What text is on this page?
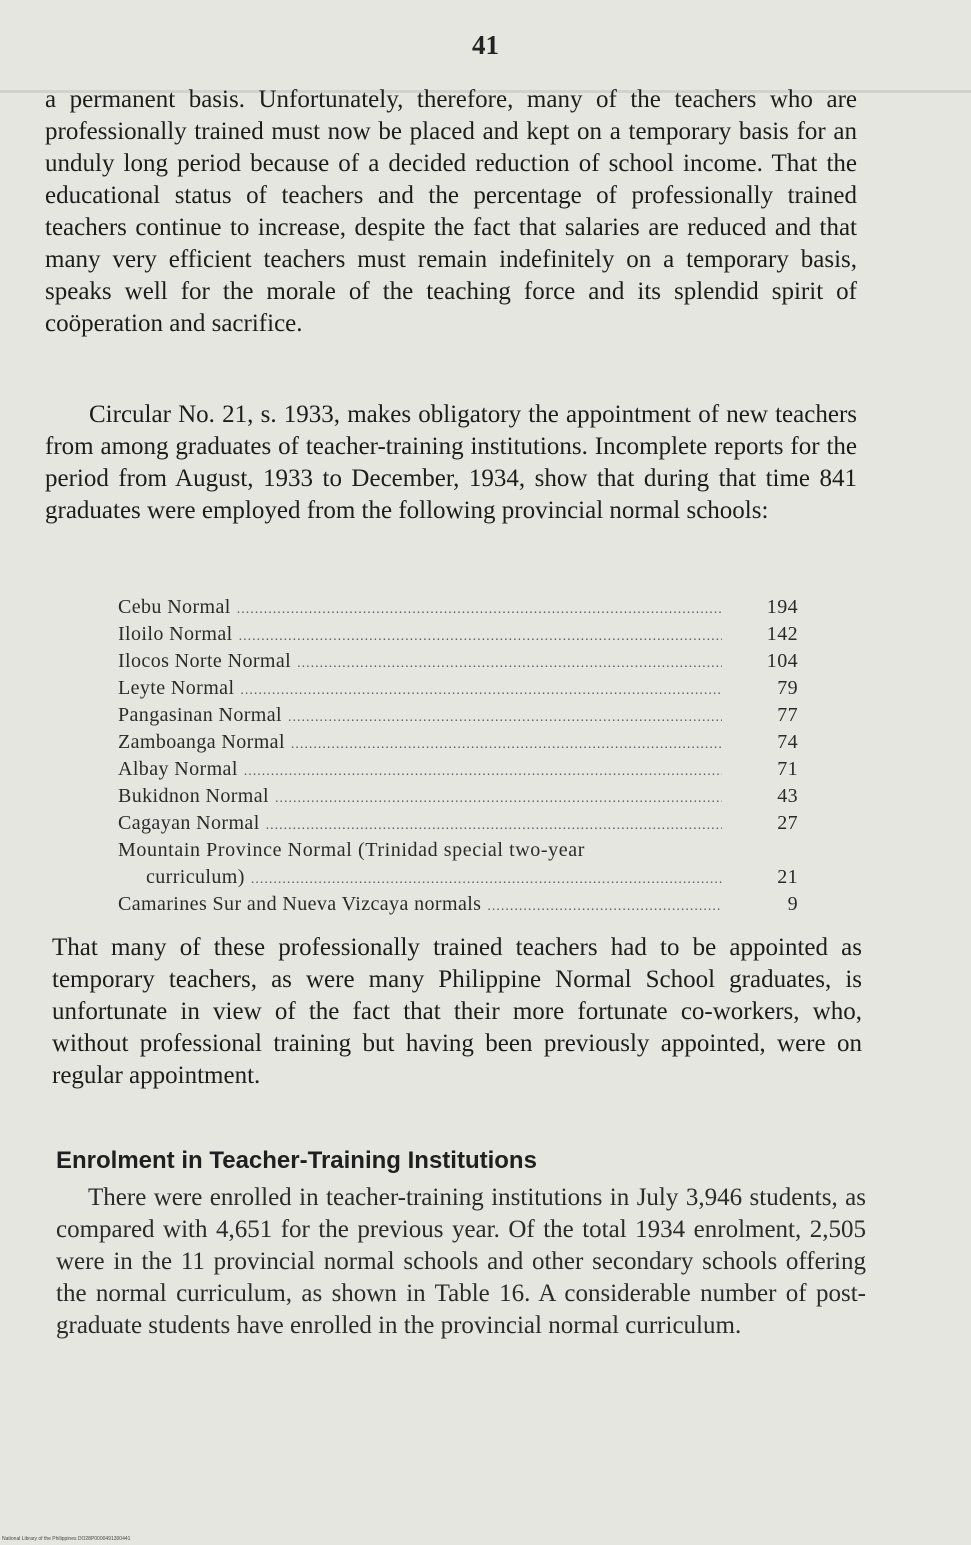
41

a permanent basis. Unfortunately, therefore, many of the teachers who are professionally trained must now be placed and kept on a temporary basis for an unduly long period because of a decided reduction of school income. That the educational status of teachers and the percentage of professionally trained teachers continue to increase, despite the fact that salaries are reduced and that many very efficient teachers must remain indefinitely on a temporary basis, speaks well for the morale of the teaching force and its splendid spirit of coöperation and sacrifice.

Circular No. 21, s. 1933, makes obligatory the appointment of new teachers from among graduates of teacher-training institutions. Incomplete reports for the period from August, 1933 to December, 1934, show that during that time 841 graduates were employed from the following provincial normal schools:

Cebu Normal .....	194
Iloilo Normal .....	142
Ilocos Norte Normal .....	104
Leyte Normal .....	79
Pangasinan Normal .....	77
Zamboanga Normal .....	74
Albay Normal .....	71
Bukidnon Normal .....	43
Cagayan Normal .....	27
Mountain Province Normal (Trinidad special two-year
curriculum) .....	21
Camarines Sur and Nueva Vizcaya normals .....	9

That many of these professionally trained teachers had to be appointed as temporary teachers, as were many Philippine Normal School graduates, is unfortunate in view of the fact that their more fortunate co-workers, who, without professional training but having been previously appointed, were on regular appointment.

Enrolment in Teacher-Training Institutions

There were enrolled in teacher-training institutions in July 3,946 students, as compared with 4,651 for the previous year. Of the total 1934 enrolment, 2,505 were in the 11 provincial normal schools and other secondary schools offering the normal curriculum, as shown in Table 16. A considerable number of post-graduate students have enrolled in the provincial normal curriculum.

National Library of the Philippines DO28P0000491300441
